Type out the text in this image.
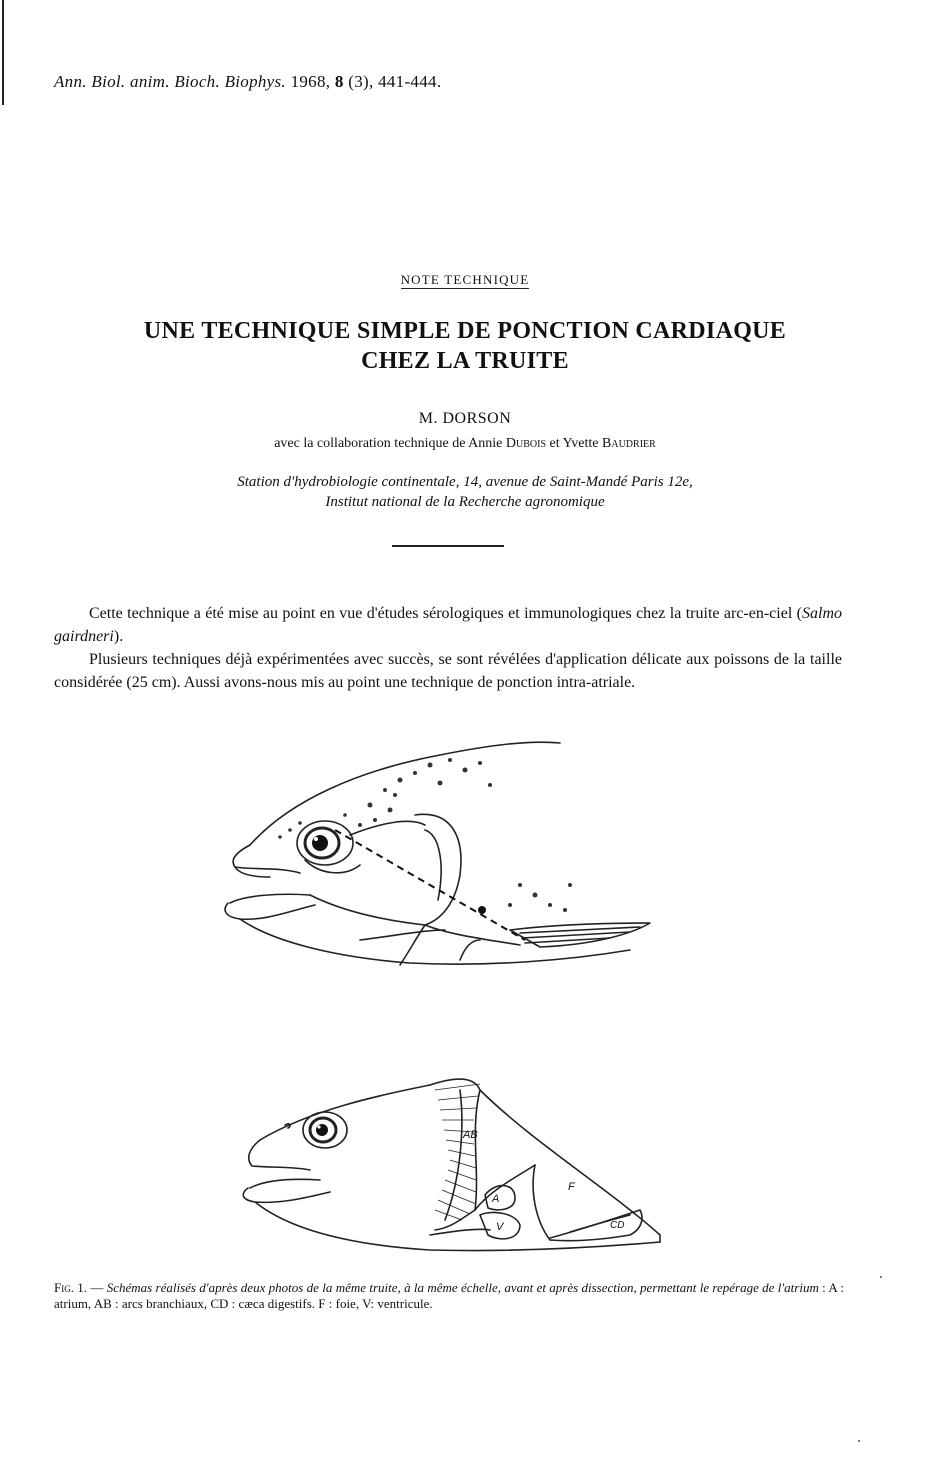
Ann. Biol. anim. Bioch. Biophys. 1968, 8 (3), 441-444.
NOTE TECHNIQUE
UNE TECHNIQUE SIMPLE DE PONCTION CARDIAQUE
CHEZ LA TRUITE
M. DORSON
avec la collaboration technique de Annie Dubois et Yvette Baudrier
Station d'hydrobiologie continentale, 14, avenue de Saint-Mandé Paris 12e,
Institut national de la Recherche agronomique

Cette technique a été mise au point en vue d'études sérologiques et immunologiques chez la truite arc-en-ciel (Salmo gairdneri).

Plusieurs techniques déjà expérimentées avec succès, se sont révélées d'application délicate aux poissons de la taille considérée (25 cm). Aussi avons-nous mis au point une technique de ponction intra-atriale.

AB
A
V
F
CD
Fig. 1. — Schémas réalisés d'après deux photos de la même truite, à la même échelle, avant et après dissection, permettant le repérage de l'atrium : A : atrium, AB : arcs branchiaux, CD : cæca digestifs. F : foie, V: ventricule.
